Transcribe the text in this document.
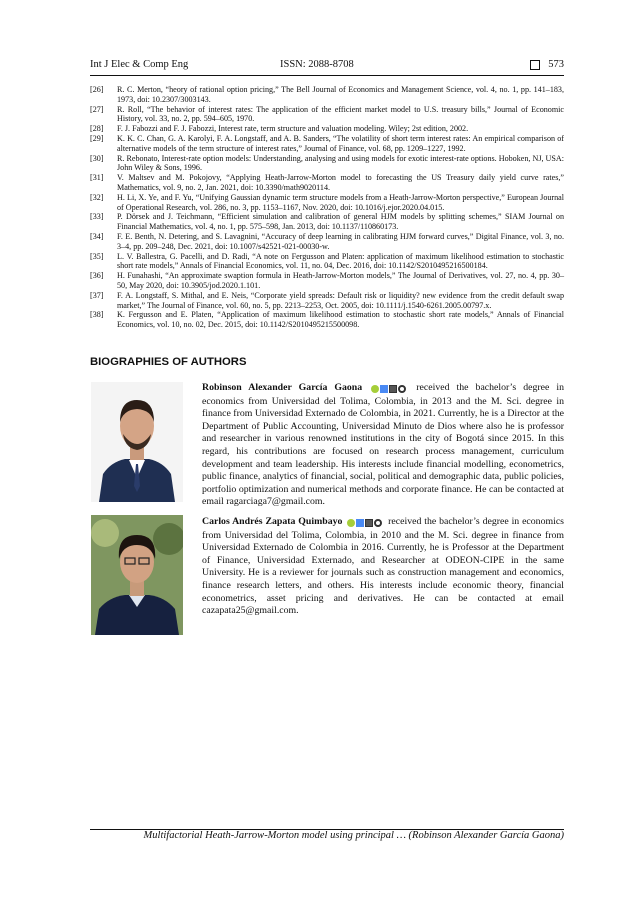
Int J Elec & Comp Eng	ISSN: 2088-8708	573
[26] R. C. Merton, “heory of rational option pricing,” The Bell Journal of Economics and Management Science, vol. 4, no. 1, pp. 141–183, 1973, doi: 10.2307/3003143.
[27] R. Roll, “The behavior of interest rates: The application of the efficient market model to U.S. treasury bills,” Journal of Economic History, vol. 33, no. 2, pp. 594–605, 1970.
[28] F. J. Fabozzi and F. J. Fabozzi, Interest rate, term structure and valuation modeling. Wiley; 2st edition, 2002.
[29] K. K. C. Chan, G. A. Karolyi, F. A. Longstaff, and A. B. Sanders, “The volatility of short term interest rates: An empirical comparison of alternative models of the term structure of interest rates,” Journal of Finance, vol. 68, pp. 1209–1227, 1992.
[30] R. Rebonato, Interest-rate option models: Understanding, analysing and using models for exotic interest-rate options. Hoboken, NJ, USA: John Wiley & Sons, 1996.
[31] V. Maltsev and M. Pokojovy, “Applying Heath-Jarrow-Morton model to forecasting the US Treasury daily yield curve rates,” Mathematics, vol. 9, no. 2, Jan. 2021, doi: 10.3390/math9020114.
[32] H. Li, X. Ye, and F. Yu, “Unifying Gaussian dynamic term structure models from a Heath-Jarrow-Morton perspective,” European Journal of Operational Research, vol. 286, no. 3, pp. 1153–1167, Nov. 2020, doi: 10.1016/j.ejor.2020.04.015.
[33] P. Dörsek and J. Teichmann, “Efficient simulation and calibration of general HJM models by splitting schemes,” SIAM Journal on Financial Mathematics, vol. 4, no. 1, pp. 575–598, Jan. 2013, doi: 10.1137/110860173.
[34] F. E. Benth, N. Detering, and S. Lavagnini, “Accuracy of deep learning in calibrating HJM forward curves,” Digital Finance, vol. 3, no. 3–4, pp. 209–248, Dec. 2021, doi: 10.1007/s42521-021-00030-w.
[35] L. V. Ballestra, G. Pacelli, and D. Radi, “A note on Fergusson and Platen: application of maximum likelihood estimation to stochastic short rate models,” Annals of Financial Economics, vol. 11, no. 04, Dec. 2016, doi: 10.1142/S2010495216500184.
[36] H. Funahashi, “An approximate swaption formula in Heath-Jarrow-Morton models,” The Journal of Derivatives, vol. 27, no. 4, pp. 30–50, May 2020, doi: 10.3905/jod.2020.1.101.
[37] F. A. Longstaff, S. Mithal, and E. Neis, “Corporate yield spreads: Default risk or liquidity? new evidence from the credit default swap market,” The Journal of Finance, vol. 60, no. 5, pp. 2213–2253, Oct. 2005, doi: 10.1111/j.1540-6261.2005.00797.x.
[38] K. Fergusson and E. Platen, “Application of maximum likelihood estimation to stochastic short rate models,” Annals of Financial Economics, vol. 10, no. 02, Dec. 2015, doi: 10.1142/S2010495215500098.
BIOGRAPHIES OF AUTHORS
Robinson Alexander García Gaona	received the bachelor’s degree in economics from Universidad del Tolima, Colombia, in 2013 and the M. Sci. degree in finance from Universidad Externado de Colombia, in 2021. Currently, he is a Director at the Department of Public Accounting, Universidad Minuto de Dios where also he is professor and researcher in various renowned institutions in the city of Bogotá since 2015. In this regard, his contributions are focused on research process management, curriculum development and team leadership. His interests include financial modelling, econometrics, public finance, analytics of financial, social, political and demographic data, public policies, portfolio optimization and numerical methods and corporate finance. He can be contacted at email ragarciaga7@gmail.com.
Carlos Andrés Zapata Quimbayo	received the bachelor’s degree in economics from Universidad del Tolima, Colombia, in 2010 and the M. Sci. degree in finance from Universidad Externado de Colombia in 2016. Currently, he is Professor at the Department of Finance, Universidad Externado, and Researcher at ODEON-CIPE in the same University. He is a reviewer for journals such as construction management and economics, finance research letters, and others. His interests include economic theory, financial econometrics, asset pricing and derivatives. He can be contacted at email cazapata25@gmail.com.
Multifactorial Heath-Jarrow-Morton model using principal … (Robinson Alexander García Gaona)
